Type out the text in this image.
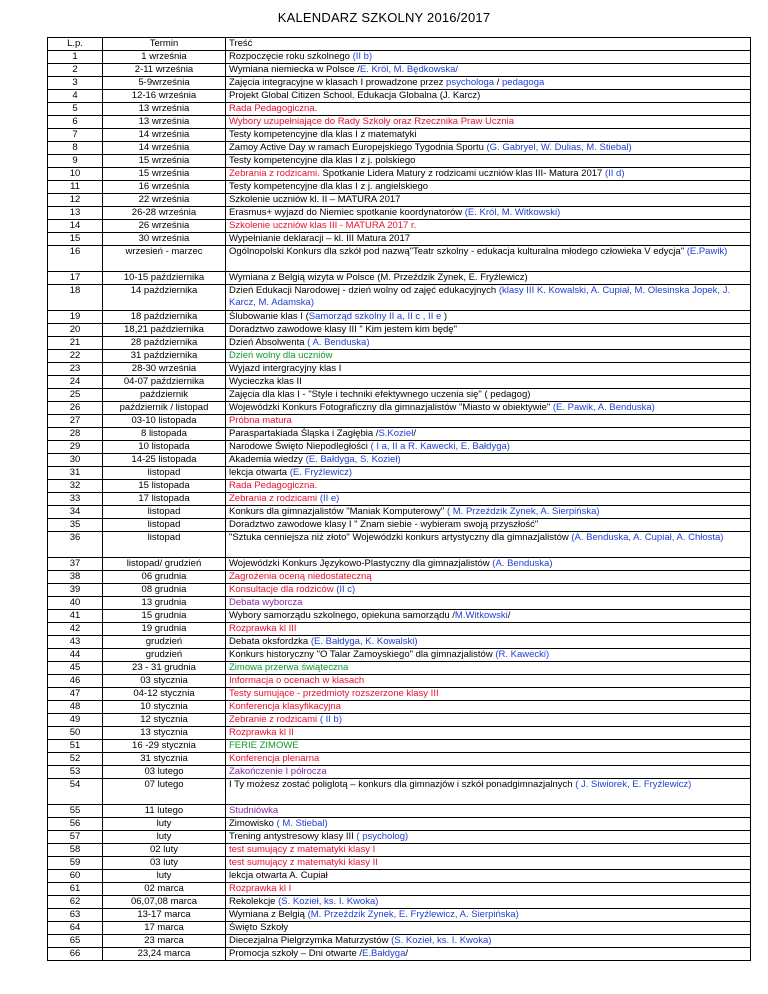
KALENDARZ SZKOLNY 2016/2017
L.p.	Termin	Treść
1	1 września	Rozpoczęcie roku szkolnego (II b)
2	2-11 września	Wymiana niemiecka w Polsce /E. Król, M. Będkowska/
3	5-9września	Zajęcia integracyjne w klasach I prowadzone przez psychologa / pedagoga
4	12-16 września	Projekt Global Citizen School. Edukacja Globalna (J. Karcz)
5	13 września	Rada Pedagogiczna.
6	13 września	Wybory uzupełniające do Rady Szkoły oraz Rzecznika Praw Ucznia
7	14 września	Testy kompetencyjne dla klas I z matematyki
8	14 września	Zamoy Active Day w ramach Europejskiego Tygodnia Sportu (G. Gabryel, W. Dulias, M. Stiebal)
9	15 września	Testy kompetencyjne dla klas I z j. polskiego
10	15 września	Zebrania z rodzicami. Spotkanie Lidera Matury z rodzicami uczniów klas III- Matura 2017 (II d)
11	16 września	Testy kompetencyjne dla klas I z j. angielskiego
12	22 września	Szkolenie uczniów kl. II – MATURA 2017
13	26-28 września	Erasmus+ wyjazd do Niemiec spotkanie koordynatorów (E. Król, M. Witkowski)
14	26 września	Szkolenie uczniów klas III - MATURA 2017 r.
15	30 września	Wypełnianie deklaracji – kl. III Matura 2017
16	wrzesień - marzec	Ogólnopolski Konkurs dla szkół pod nazwą"Teatr szkolny - edukacja kulturalna młodego człowieka V edycja" (E.Pawik)
17	10-15 października	Wymiana z Belgią wizyta w Polsce (M. Przeździk Zynek, E. Fryźlewicz)
18	14 października	Dzień Edukacji Narodowej - dzień wolny od zajęć edukacyjnych (klasy III K. Kowalski, A. Cupiał, M. Olesinska Jopek, J. Karcz, M. Adamska)
19	18 października	Ślubowanie klas I (Samorząd szkolny II a, II c , II e )
20	18,21 października	Doradztwo zawodowe klasy III " Kim jestem kim będę"
21	28 października	Dzień Absolwenta ( A. Benduska)
22	31 października	Dzień wolny dla uczniów
23	28-30 września	Wyjazd intergracyjny klas I
24	04-07 października	Wycieczka klas II
25	październik	Zajęcia dla klas I - "Style i techniki efektywnego uczenia się" ( pedagog)
26	październik / listopad	Wojewódzki Konkurs Fotograficzny dla gimnazjalistów "Miasto w obiektywie" (E. Pawik, A. Benduska)
27	03-10 listopada	Próbna matura
28	8 listopada	Paraspartakiada Śląska i Zagłębia /S.Kozieł/
29	10 listopada	Narodowe Święto Niepodległości ( I a, II a R. Kawecki, E. Bałdyga)
30	14-25 listopada	Akademia wiedzy (E. Bałdyga, S. Kozieł)
31	listopad	lekcja otwarta (E. Fryźlewicz)
32	15 listopada	Rada Pedagogiczna.
33	17 listopada	Zebrania z rodzicami (II e)
34	listopad	Konkurs dla gimnazjalistów "Maniak Komputerowy" ( M. Przeździk Zynek, A. Sierpińska)
35	listopad	Doradztwo zawodowe klasy I " Znam siebie - wybieram swoją przyszłość"
36	listopad	"Sztuka cenniejsza niż złoto" Wojewódzki konkurs artystyczny dla gimnazjalistów (A. Benduska, A. Cupiał, A. Chłosta)
37	listopad/ grudzień	Wojewódzki Konkurs Językowo-Plastyczny dla gimnazjalistów (A. Benduska)
38	06 grudnia	Zagrożenia oceną niedostateczną
39	08 grudnia	Konsultacje dla rodziców (II c)
40	13 grudnia	Debata wyborcza
41	15 grudnia	Wybory samorządu szkolnego, opiekuna samorządu /M.Witkowski/
42	19 grudnia	Rozprawka kl III
43	grudzień	Debata oksfordzka (E. Bałdyga, K. Kowalski)
44	grudzień	Konkurs historyczny "O Talar Zamoyskiego" dla gimnazjalistów (R. Kawecki)
45	23 - 31 grudnia	Zimowa przerwa świąteczna
46	03 stycznia	Informacja o ocenach w klasach
47	04-12 stycznia	Testy sumujące - przedmioty rozszerzone klasy III
48	10 stycznia	Konferencja klasyfikacyjna
49	12 stycznia	Zebranie z rodzicami ( II b)
50	13 stycznia	Rozprawka kl II
51	16 -29 stycznia	FERIE ZIMOWE
52	31 stycznia	Konferencja plenarna
53	03 lutego	Zakończenie I półrocza
54	07 lutego	I Ty możesz zostać poliglotą – konkurs dla gimnazjów i szkół ponadgimnazjalnych ( J. Siwiorek, E. Fryźlewicz)
55	11 lutego	Studniówka
56	luty	Zimowisko ( M. Stiebal)
57	luty	Trening antystresowy klasy III ( psycholog)
58	02 luty	test sumujący z matematyki klasy I
59	03 luty	test sumujący z matematyki klasy II
60	luty	lekcja otwarta A. Cupiał
61	02 marca	Rozprawka kl I
62	06,07,08 marca	Rekolekcje (S. Kozieł, ks. I. Kwoka)
63	13-17 marca	Wymiana z Belgią (M. Przeździk Zynek, E. Fryźlewicz, A. Sierpińska)
64	17 marca	Święto Szkoły
65	23 marca	Diecezjalna Pielgrzymka Maturzystów (S. Kozieł, ks. I. Kwoka)
66	23,24 marca	Promocja szkoły – Dni otwarte /E.Bałdyga/
